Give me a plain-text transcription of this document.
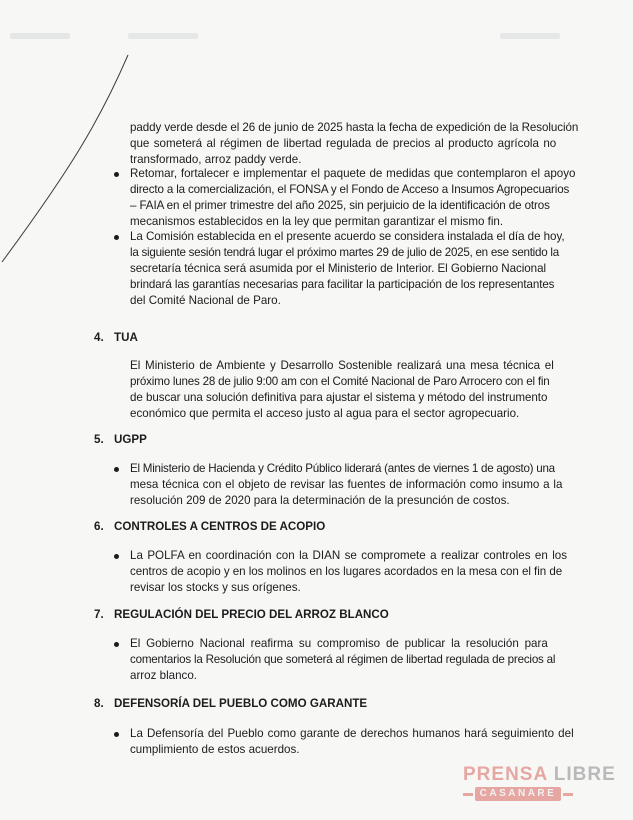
paddy verde desde el 26 de junio de 2025 hasta la fecha de expedición de la Resolución
que someterá al régimen de libertad regulada de precios al producto agrícola no
transformado, arroz paddy verde.

Retomar, fortalecer e implementar el paquete de medidas que contemplaron el apoyo
directo a la comercialización, el FONSA y el Fondo de Acceso a Insumos Agropecuarios
– FAIA en el primer trimestre del año 2025, sin perjuicio de la identificación de otros
mecanismos establecidos en la ley que permitan garantizar el mismo fin.

La Comisión establecida en el presente acuerdo se considera instalada el día de hoy,
la siguiente sesión tendrá lugar el próximo martes 29 de julio de 2025, en ese sentido la
secretaría técnica será asumida por el Ministerio de Interior. El Gobierno Nacional
brindará las garantías necesarias para facilitar la participación de los representantes
del Comité Nacional de Paro.

4. TUA

El Ministerio de Ambiente y Desarrollo Sostenible realizará una mesa técnica el
próximo lunes 28 de julio 9:00 am con el Comité Nacional de Paro Arrocero con el fin
de buscar una solución definitiva para ajustar el sistema y método del instrumento
económico que permita el acceso justo al agua para el sector agropecuario.

5. UGPP

El Ministerio de Hacienda y Crédito Público liderará (antes de viernes 1 de agosto) una
mesa técnica con el objeto de revisar las fuentes de información como insumo a la
resolución 209 de 2020 para la determinación de la presunción de costos.

6. CONTROLES A CENTROS DE ACOPIO

La POLFA en coordinación con la DIAN se compromete a realizar controles en los
centros de acopio y en los molinos en los lugares acordados en la mesa con el fin de
revisar los stocks y sus orígenes.

7. REGULACIÓN DEL PRECIO DEL ARROZ BLANCO

El Gobierno Nacional reafirma su compromiso de publicar la resolución para
comentarios la Resolución que someterá al régimen de libertad regulada de precios al
arroz blanco.

8. DEFENSORÍA DEL PUEBLO COMO GARANTE

La Defensoría del Pueblo como garante de derechos humanos hará seguimiento del
cumplimiento de estos acuerdos.

PRENSA LIBRE
CASANARE
